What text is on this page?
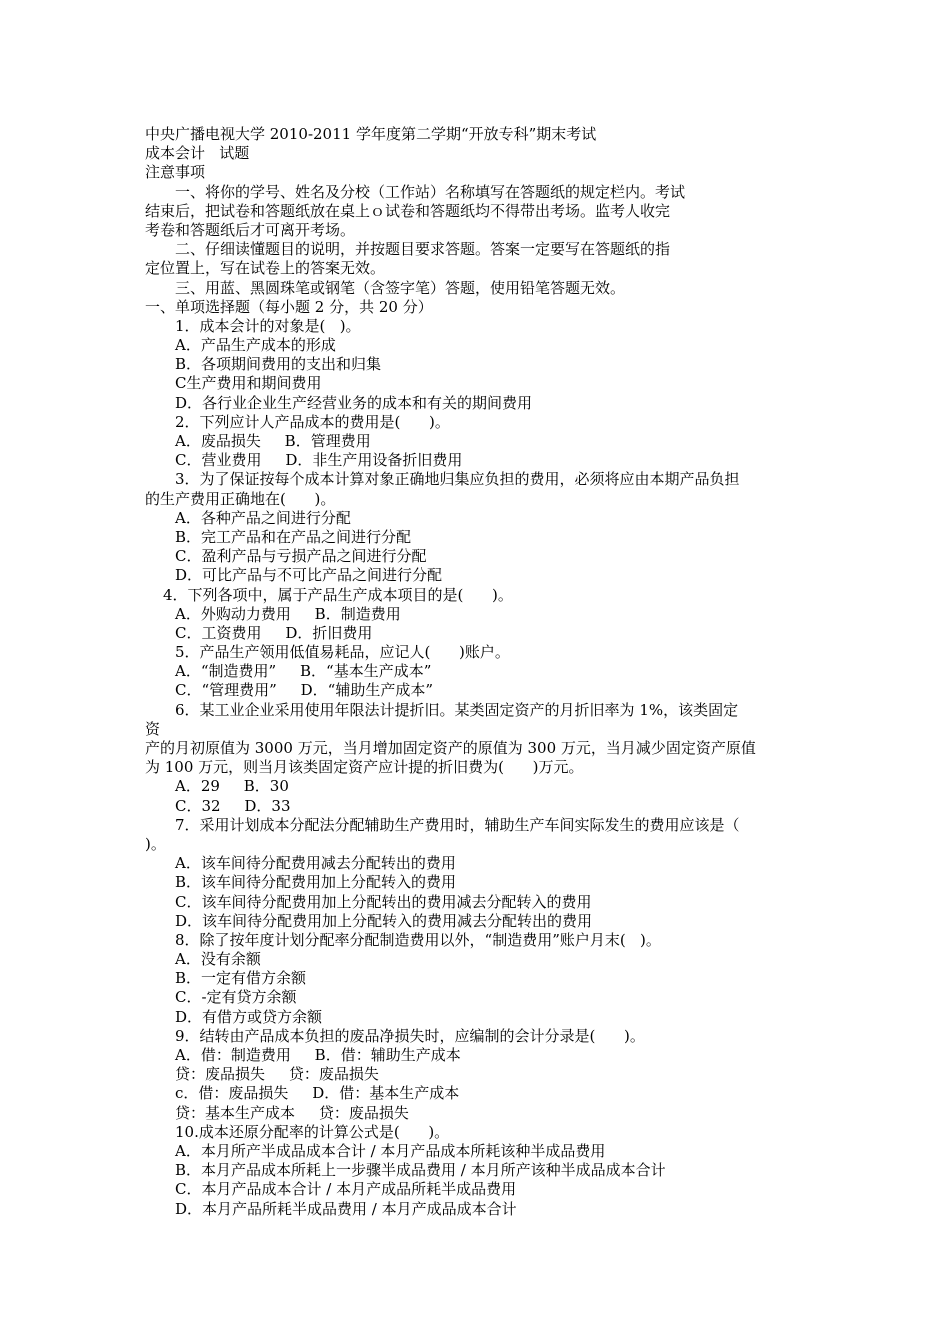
中央广播电视大学 2010-2011 学年度第二学期“开放专科”期末考试
成本会计   试题
注意事项
一、将你的学号、姓名及分校（工作站）名称填写在答题纸的规定栏内。考试
结束后，把试卷和答题纸放在桌上ｏ试卷和答题纸均不得带出考场。监考人收完
考卷和答题纸后才可离开考场。
二、仔细读懂题目的说明，并按题目要求答题。答案一定要写在答题纸的指
定位置上，写在试卷上的答案无效。
三、用蓝、黑圆珠笔或钢笔（含签字笔）答题，使用铅笔答题无效。
一、单项选择题（每小题 2 分，共 20 分）
1．成本会计的对象是(   )。
A．产品生产成本的形成
B．各项期间费用的支出和归集
C生产费用和期间费用
D．各行业企业生产经营业务的成本和有关的期间费用
2．下列应计人产品成本的费用是(      )。
A．废品损失     B．管理费用
C．营业费用     D．非生产用设备折旧费用
3．为了保证按每个成本计算对象正确地归集应负担的费用，必须将应由本期产品负担
的生产费用正确地在(      )。
A．各种产品之间进行分配
B．完工产品和在产品之间进行分配
C．盈利产品与亏损产品之间进行分配
D．可比产品与不可比产品之间进行分配
4．下列各项中，属于产品生产成本项目的是(      )。
A．外购动力费用     B．制造费用
C．工资费用     D．折旧费用
5．产品生产领用低值易耗品，应记人(      )账户。
A．“制造费用”     B．“基本生产成本”
C．“管理费用”     D．“辅助生产成本”
6．某工业企业采用使用年限法计提折旧。某类固定资产的月折旧率为 1%，该类固定
资
产的月初原值为 3000 万元，当月增加固定资产的原值为 300 万元，当月减少固定资产原值
为 100 万元，则当月该类固定资产应计提的折旧费为(      )万元。
A．29     B．30
C．32     D．33
7．采用计划成本分配法分配辅助生产费用时，辅助生产车间实际发生的费用应该是（
)。
A．该车间待分配费用减去分配转出的费用
B．该车间待分配费用加上分配转入的费用
C．该车间待分配费用加上分配转出的费用减去分配转入的费用
D．该车间待分配费用加上分配转入的费用减去分配转出的费用
8．除了按年度计划分配率分配制造费用以外，“制造费用”账户月末(   )。
A．没有余额
B．一定有借方余额
C．-定有贷方余额
D．有借方或贷方余额
9．结转由产品成本负担的废品净损失时，应编制的会计分录是(      )。
A．借：制造费用     B．借：辅助生产成本
贷：废品损失     贷：废品损失
c．借：废品损失     D．借：基本生产成本
贷：基本生产成本     贷：废品损失
10.成本还原分配率的计算公式是(      )。
A．本月所产半成品成本合计 / 本月产品成本所耗该种半成品费用
B．本月产品成本所耗上一步骤半成品费用 / 本月所产该种半成品成本合计
C．本月产品成本合计 / 本月产成品所耗半成品费用
D．本月产品所耗半成品费用 / 本月产成品成本合计
